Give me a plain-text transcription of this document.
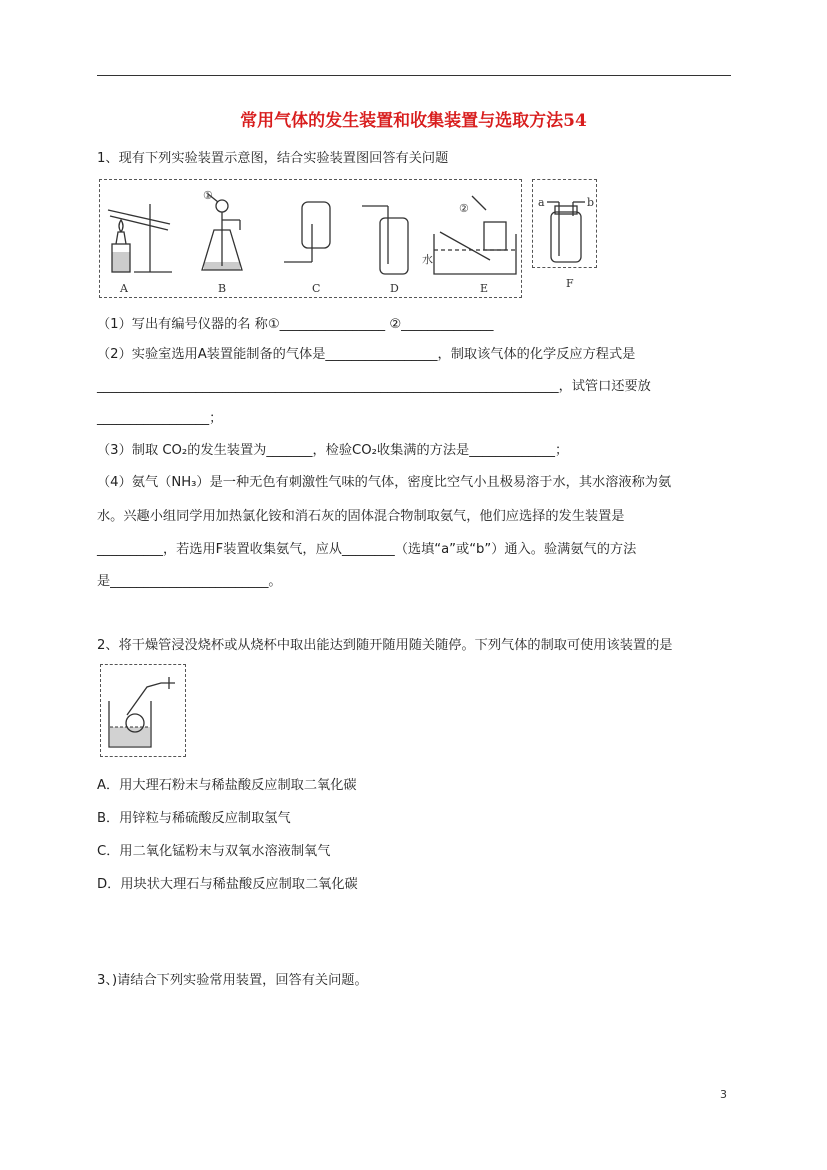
常用气体的发生装置和收集装置与选取方法54
1、现有下列实验装置示意图，结合实验装置图回答有关问题
①
②
水
A	B	C	D	E
a	b
F
（1）写出有编号仪器的名 称①________________ ②______________
（2）实验室选用A装置能制备的气体是_________________，制取该气体的化学反应方程式是
______________________________________________________________________，试管口还要放
_________________；
（3）制取 CO₂的发生装置为_______，检验CO₂收集满的方法是_____________；
（4）氨气（NH₃）是一种无色有刺激性气味的气体，密度比空气小且极易溶于水，其水溶液称为氨
水。兴趣小组同学用加热氯化铵和消石灰的固体混合物制取氨气，他们应选择的发生装置是
__________，若选用F装置收集氨气，应从________（选填“a”或“b”）通入。验满氨气的方法
是________________________。
2、将干燥管浸没烧杯或从烧杯中取出能达到随开随用随关随停。下列气体的制取可使用该装置的是
A．用大理石粉末与稀盐酸反应制取二氧化碳
B．用锌粒与稀硫酸反应制取氢气
C．用二氧化锰粉末与双氧水溶液制氧气
D．用块状大理石与稀盐酸反应制取二氧化碳
3、)请结合下列实验常用装置，回答有关问题。
3
